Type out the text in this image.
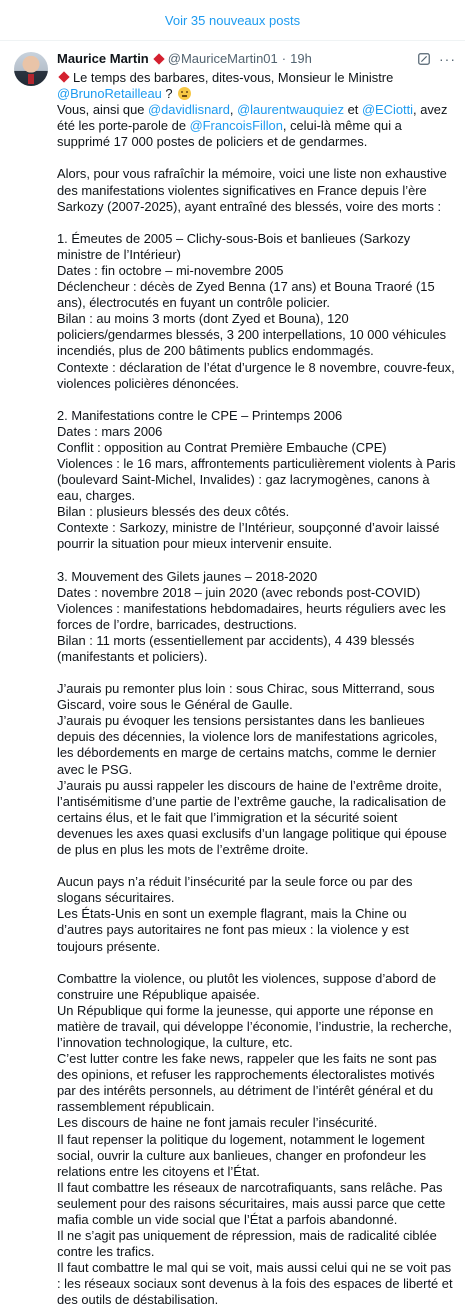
Voir 35 nouveaux posts
Maurice Martin @MauriceMartin01 · 19h	···

Le temps des barbares, dites-vous, Monsieur le Ministre

@BrunoRetailleau ?

Vous, ainsi que @davidlisnard, @laurentwauquiez et @ECiotti, avez été les porte-parole de @FrancoisFillon, celui-là même qui a supprimé 17 000 postes de policiers et de gendarmes.

Alors, pour vous rafraîchir la mémoire, voici une liste non exhaustive des manifestations violentes significatives en France depuis l’ère Sarkozy (2007-2025), ayant entraîné des blessés, voire des morts :

1. Émeutes de 2005 – Clichy-sous-Bois et banlieues (Sarkozy ministre de l’Intérieur)

Dates : fin octobre – mi-novembre 2005

Déclencheur : décès de Zyed Benna (17 ans) et Bouna Traoré (15 ans), électrocutés en fuyant un contrôle policier.

Bilan : au moins 3 morts (dont Zyed et Bouna), 120 policiers/gendarmes blessés, 3 200 interpellations, 10 000 véhicules incendiés, plus de 200 bâtiments publics endommagés.

Contexte : déclaration de l’état d’urgence le 8 novembre, couvre-feux, violences policières dénoncées.

2. Manifestations contre le CPE – Printemps 2006

Dates : mars 2006

Conflit : opposition au Contrat Première Embauche (CPE)

Violences : le 16 mars, affrontements particulièrement violents à Paris (boulevard Saint-Michel, Invalides) : gaz lacrymogènes, canons à eau, charges.

Bilan : plusieurs blessés des deux côtés.

Contexte : Sarkozy, ministre de l’Intérieur, soupçonné d’avoir laissé pourrir la situation pour mieux intervenir ensuite.

3. Mouvement des Gilets jaunes – 2018-2020

Dates : novembre 2018 – juin 2020 (avec rebonds post-COVID)

Violences : manifestations hebdomadaires, heurts réguliers avec les forces de l’ordre, barricades, destructions.

Bilan : 11 morts (essentiellement par accidents), 4 439 blessés (manifestants et policiers).

J’aurais pu remonter plus loin : sous Chirac, sous Mitterrand, sous Giscard, voire sous le Général de Gaulle.

J’aurais pu évoquer les tensions persistantes dans les banlieues depuis des décennies, la violence lors de manifestations agricoles, les débordements en marge de certains matchs, comme le dernier avec le PSG.

J’aurais pu aussi rappeler les discours de haine de l’extrême droite, l’antisémitisme d’une partie de l’extrême gauche, la radicalisation de certains élus, et le fait que l’immigration et la sécurité soient devenues les axes quasi exclusifs d’un langage politique qui épouse de plus en plus les mots de l’extrême droite.

Aucun pays n’a réduit l’insécurité par la seule force ou par des slogans sécuritaires.

Les États-Unis en sont un exemple flagrant, mais la Chine ou d’autres pays autoritaires ne font pas mieux : la violence y est toujours présente.

Combattre la violence, ou plutôt les violences, suppose d’abord de construire une République apaisée.

Un République qui forme la jeunesse, qui apporte une réponse en matière de travail, qui développe l’économie, l’industrie, la recherche, l’innovation technologique, la culture, etc.

C’est lutter contre les fake news, rappeler que les faits ne sont pas des opinions, et refuser les rapprochements électoralistes motivés par des intérêts personnels, au détriment de l’intérêt général et du rassemblement républicain.

Les discours de haine ne font jamais reculer l’insécurité.

Il faut repenser la politique du logement, notamment le logement social, ouvrir la culture aux banlieues, changer en profondeur les relations entre les citoyens et l’État.

Il faut combattre les réseaux de narcotrafiquants, sans relâche. Pas seulement pour des raisons sécuritaires, mais aussi parce que cette mafia comble un vide social que l’État a parfois abandonné.

Il ne s’agit pas uniquement de répression, mais de radicalité ciblée contre les trafics.

Il faut combattre le mal qui se voit, mais aussi celui qui ne se voit pas : les réseaux sociaux sont devenus à la fois des espaces de liberté et des outils de déstabilisation.
